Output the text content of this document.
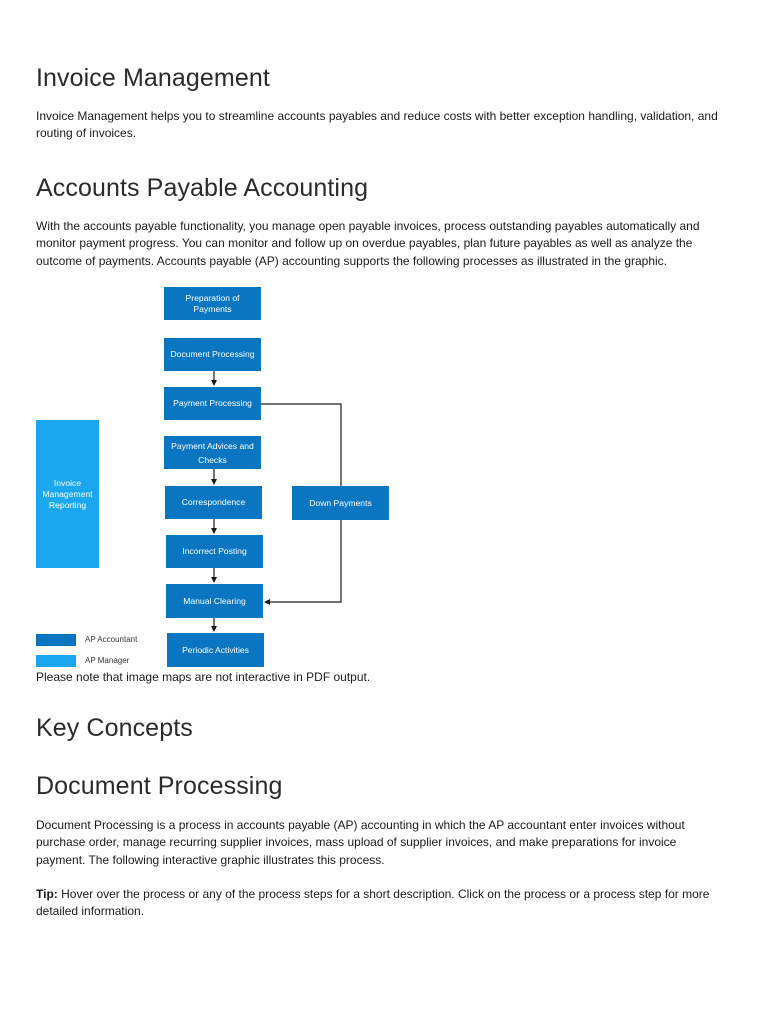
Invoice Management

Invoice Management helps you to streamline accounts payables and reduce costs with better exception handling, validation, and routing of invoices.

Accounts Payable Accounting

With the accounts payable functionality, you manage open payable invoices, process outstanding payables automatically and monitor payment progress. You can monitor and follow up on overdue payables, plan future payables as well as analyze the outcome of payments. Accounts payable (AP) accounting supports the following processes as illustrated in the graphic.

Preparation of Payments
Document Processing
Payment Processing
Payment Advices and Checks
Correspondence	Down Payments
Incorrect Posting
Manual Clearing
Periodic Activities
Invoice Management Reporting
AP Accountant
AP Manager

Please note that image maps are not interactive in PDF output.

Key Concepts
Document Processing

Document Processing is a process in accounts payable (AP) accounting in which the AP accountant enter invoices without purchase order, manage recurring supplier invoices, mass upload of supplier invoices, and make preparations for invoice payment. The following interactive graphic illustrates this process.

Tip: Hover over the process or any of the process steps for a short description. Click on the process or a process step for more detailed information.
